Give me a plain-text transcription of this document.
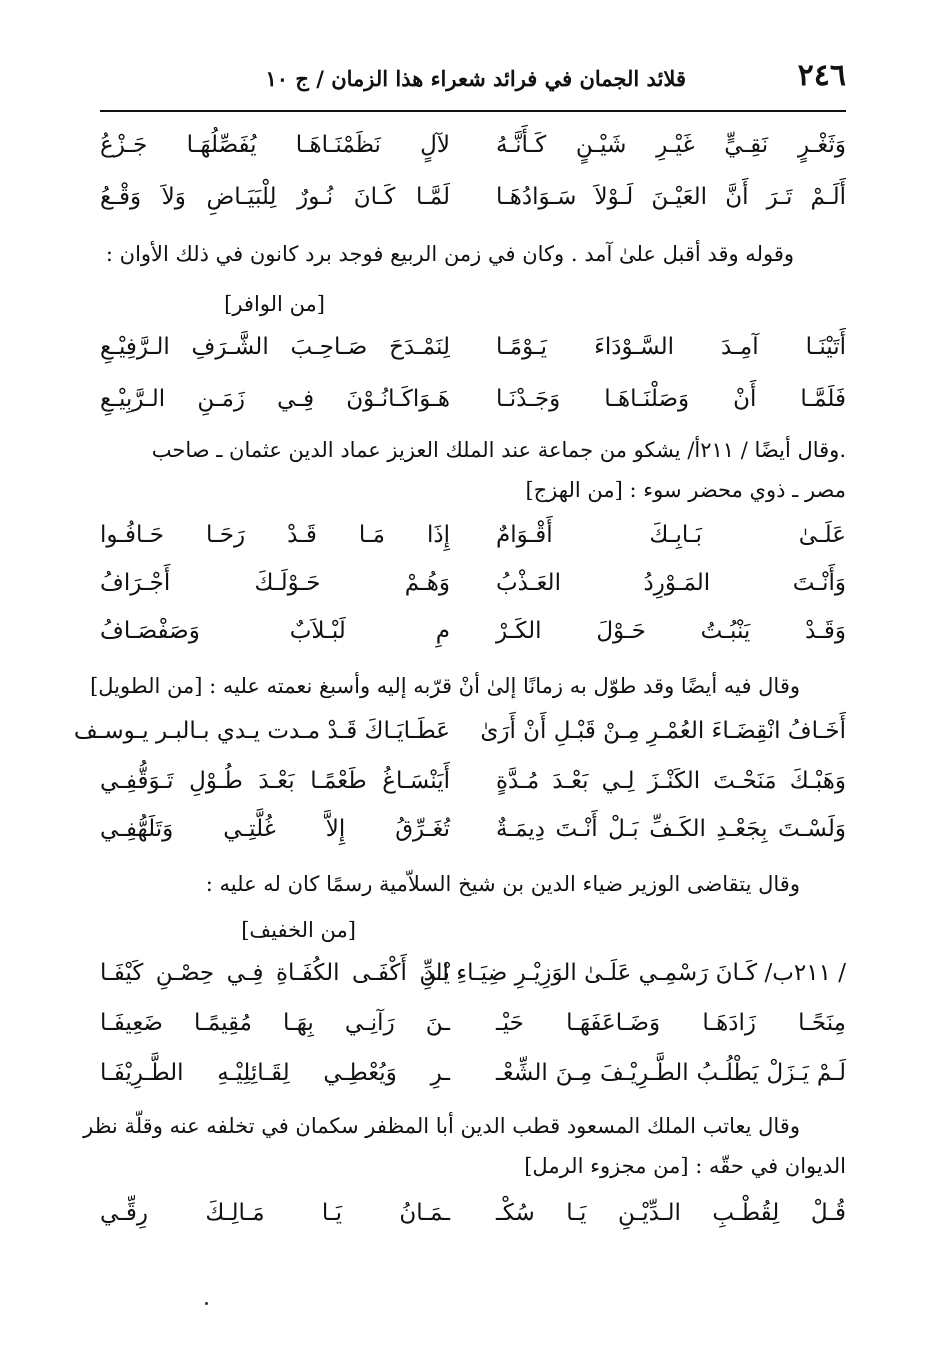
٢٤٦
قلائد الجمان في فرائد شعراء هذا الزمان / ج ١٠
وَثَغْـرٍ نَقِـيٍّ غَيْـرِ شَيْـنٍ كَـأَنَّـهُ
لآلٍ نَظَمْنَـاهَـا يُفَصِّلُهَـا جَـزْعُ
أَلَـمْ تَـرَ أَنَّ العَيْـنَ لَـوْلاَ سَـوَادُهَـا
لَمَّـا كَـانَ نُـورٌ لِلْبَيَـاضِ وَلاَ وَقْـعُ
وقوله وقد أقبل علىٰ آمد . وكان في زمن الربيع فوجد برد كانون في ذلك الأوان :
[من الوافر]
أَتَيْنَـا آمِـدَ السَّـوْدَاءَ يَـوْمًـا
لِنَمْـدَحَ صَـاحِـبَ الشَّـرَفِ الـرَّفِيْـعِ
فَلَمَّـا أَنْ وَصَلْنَـاهَـا وَجَـدْنَـا
هَـوَاكَـانُـوْنَ فِـي زَمَـنِ الـرَّبِيْـعِ
.وقال أيضًا / ٢١١أ/ يشكو من جماعة عند الملك العزيز عماد الدين عثمان ـ صاحب
مصر ـ ذوي محضر سوء : [من الهزج]
عَلَـىٰ بَـابِـكَ أَقْـوَامٌ
إِذَا مَـا قَـدْ رَحَـا حَـافُـوا
وَأَنْـتَ المَـوْرِدُ العَـذْبُ
وَهُـمْ حَـوْلَـكَ أَجْـرَافُ
وَقَـدْ يَنْبُـتُ حَـوْلَ الكَـرْ
مِ لَبْـلاَبٌ وَصَفْصَـافُ
وقال فيه أيضًا وقد طوّل به زمانًا إلىٰ أنْ قرّبه إليه وأسبغ نعمته عليه : [من الطويل]
أَخَـافُ انْقِضَـاءَ العُمْـرِ مِـنْ قَبْـلِ أَنْ أَرَىٰ
عَطَـايَـاكَ قَـدْ مـدت يـدي بـالبـر يـوسـف
وَهَبْـكَ مَنَحْـتَ الكَنْـزَ لِـي بَعْـدَ مُـدَّةٍ
أَيَنْسَـاغُ طَعْمًـا بَعْـدَ طُـوْلِ تَـوَقُّفِـي
وَلَسْـتَ بِجَعْـدِ الكَـفِّ بَـلْ أَنْـتَ دِيمَـةٌ
تُغَـرِّقُ إِلاَّ غُلَّتِـي وَتَلَهُّفِـي
وقال يتقاضى الوزير ضياء الدين بن شيخ السلاّمية رسمًا كان له عليه :
[من الخفيف]
/ ٢١١ب/ كَـانَ رَسْمِـي عَلَـىٰ الوَزِيْـرِ ضِيَـاءِ الدِّ
يْـنِ أَكْفَـى الكُفَـاةِ فِـي حِصْـنِ كَيْفَـا
مِنَحًـا زَادَهَـا وَضَـاعَفَهَـا حَيْـ
ـنَ رَآنِـي بِهَـا مُقِيمًـا ضَعِيفَـا
لَـمْ يَـزَلْ يَطْلُـبُ الطَّـرِيْـفَ مِـنَ الشِّعْـ
ـرِ وَيُعْطِـي لِقَـائِلِيْـهِ الطَّـرِيْفَـا
وقال يعاتب الملك المسعود قطب الدين أبا المظفر سكمان في تخلفه عنه وقلّة نظر
الديوان في حقّه : [من مجزوء الرمل]
قُـلْ لِقُطْـبِ الـدِّيْـنِ يَـا سُكْـ
ـمَـانُ يَـا مَـالِـكَ رِقِّـي
